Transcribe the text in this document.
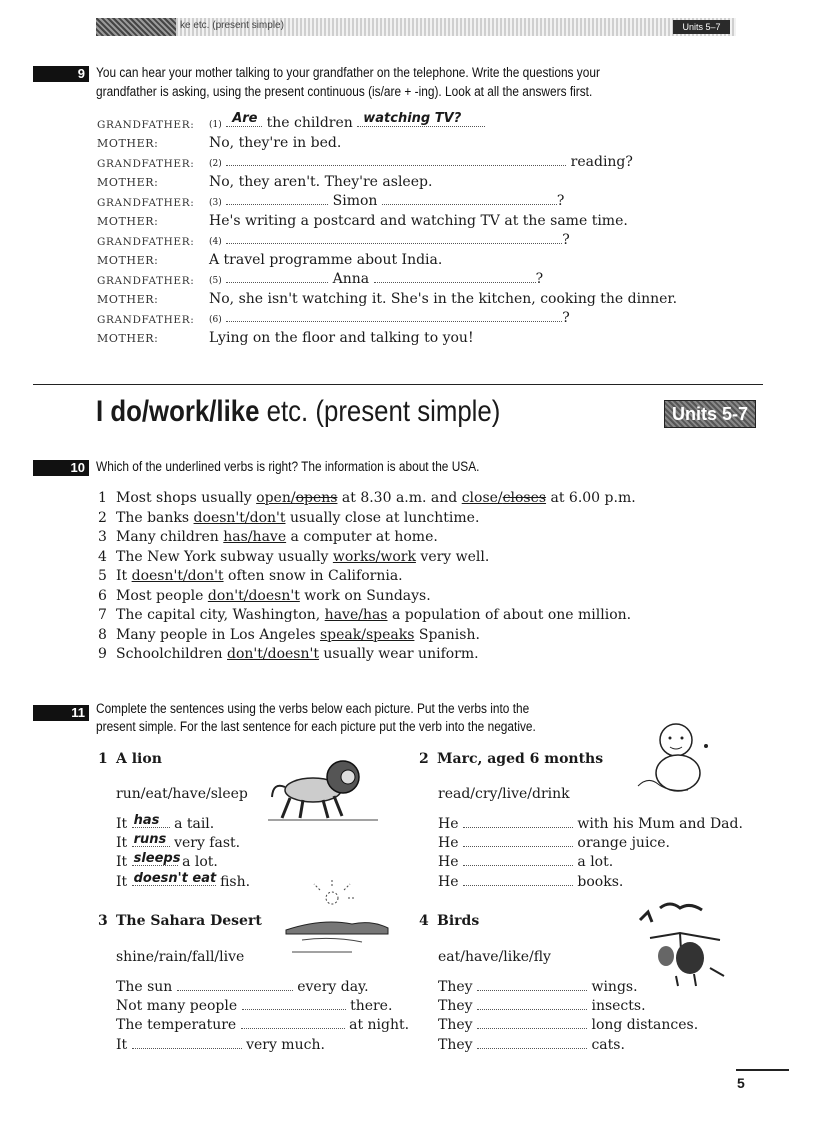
ke etc. (present simple)	Units 5–7
9 You can hear your mother talking to your grandfather on the telephone. Write the questions your
grandfather is asking, using the present continuous (is/are + -ing). Look at all the answers first.
GRANDFATHER: (1) Are the children watching TV?
MOTHER:	No, they're in bed.
GRANDFATHER: (2)	reading?
MOTHER:	No, they aren't. They're asleep.
GRANDFATHER: (3)	Simon	?
MOTHER:	He's writing a postcard and watching TV at the same time.
GRANDFATHER: (4)	?
MOTHER:	A travel programme about India.
GRANDFATHER: (5)	Anna	?
MOTHER:	No, she isn't watching it. She's in the kitchen, cooking the dinner.
GRANDFATHER: (6)	?
MOTHER:	Lying on the floor and talking to you!
I do/work/like etc. (present simple)	Units 5-7
10 Which of the underlined verbs is right? The information is about the USA.
1 Most shops usually open/opens at 8.30 a.m. and close/closes at 6.00 p.m.
2 The banks doesn't/don't usually close at lunchtime.
3 Many children has/have a computer at home.
4 The New York subway usually works/work very well.
5 It doesn't/don't often snow in California.
6 Most people don't/doesn't work on Sundays.
7 The capital city, Washington, have/has a population of about one million.
8 Many people in Los Angeles speak/speaks Spanish.
9 Schoolchildren don't/doesn't usually wear uniform.
11 Complete the sentences using the verbs below each picture. Put the verbs into the
present simple. For the last sentence for each picture put the verb into the negative.
1 A lion
run/eat/have/sleep
It has a tail.
It runs very fast.
It sleeps a lot.
It doesn't eat fish.
2 Marc, aged 6 months
read/cry/live/drink
He	with his Mum and Dad.
He	orange juice.
He	a lot.
He	books.
3 The Sahara Desert
shine/rain/fall/live
The sun	every day.
Not many people	there.
The temperature	at night.
It	very much.
4 Birds
eat/have/like/fly
They	wings.
They	insects.
They	long distances.
They	cats.
5
